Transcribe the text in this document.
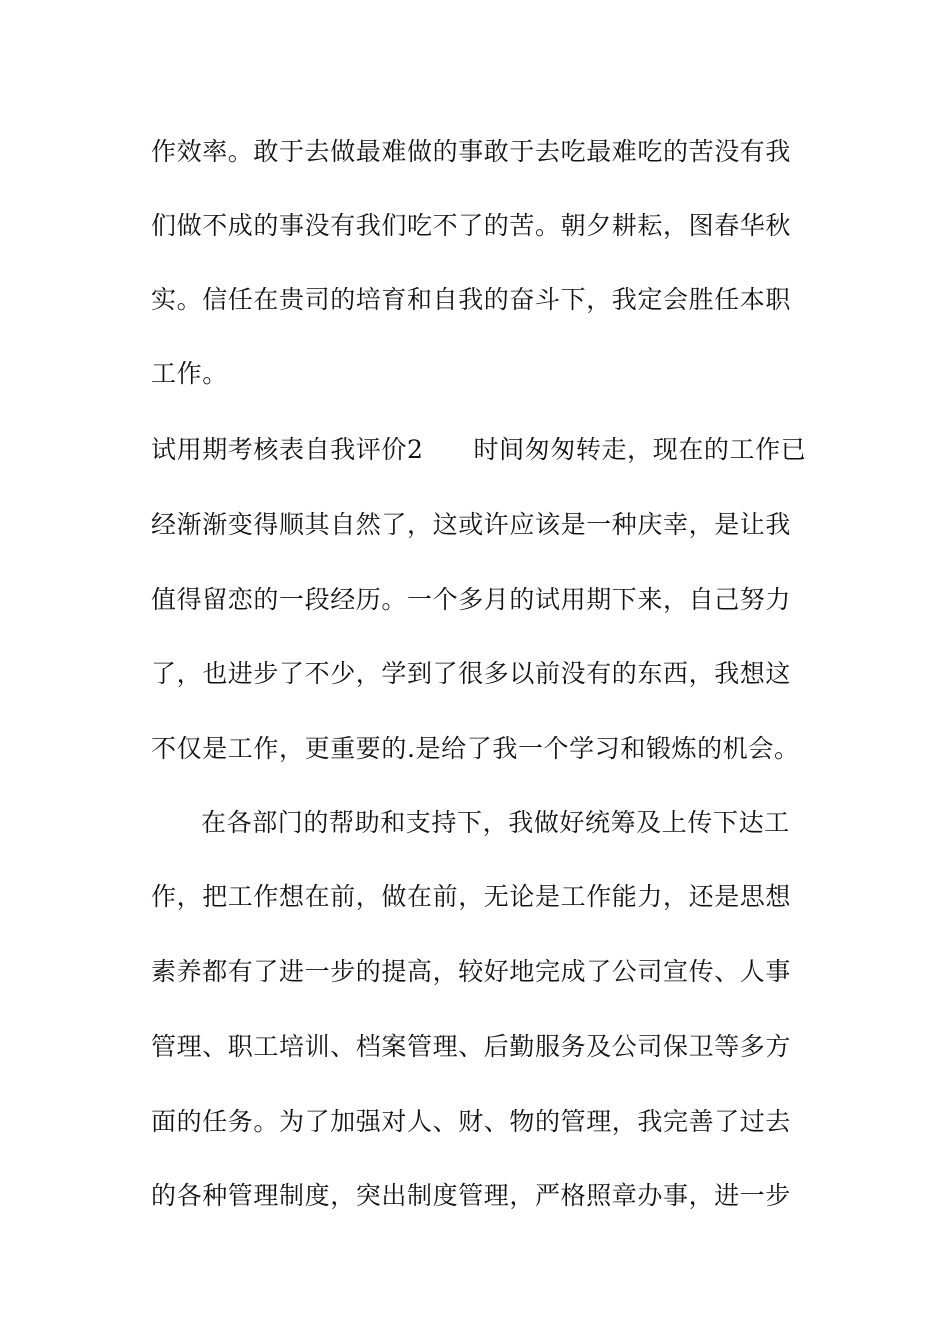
作效率。敢于去做最难做的事敢于去吃最难吃的苦没有我
们做不成的事没有我们吃不了的苦。朝夕耕耘，图春华秋
实。信任在贵司的培育和自我的奋斗下，我定会胜任本职
工作。
试用期考核表自我评价2 时间匆匆转走，现在的工作已
经渐渐变得顺其自然了，这或许应该是一种庆幸，是让我
值得留恋的一段经历。一个多月的试用期下来，自己努力
了，也进步了不少，学到了很多以前没有的东西，我想这
不仅是工作，更重要的.是给了我一个学习和锻炼的机会。
在各部门的帮助和支持下，我做好统筹及上传下达工
作，把工作想在前，做在前，无论是工作能力，还是思想
素养都有了进一步的提高，较好地完成了公司宣传、人事
管理、职工培训、档案管理、后勤服务及公司保卫等多方
面的任务。为了加强对人、财、物的管理，我完善了过去
的各种管理制度，突出制度管理，严格照章办事，进一步
